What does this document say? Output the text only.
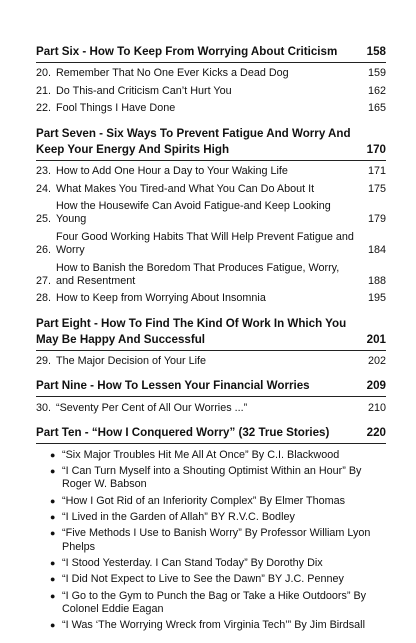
Part Six - How To Keep From Worrying About Criticism	158
20. Remember That No One Ever Kicks a Dead Dog	159
21. Do This-and Criticism Can’t Hurt You	162
22. Fool Things I Have Done	165
Part Seven - Six Ways To Prevent Fatigue And Worry And Keep Your Energy And Spirits High	170
23. How to Add One Hour a Day to Your Waking Life	171
24. What Makes You Tired-and What You Can Do About It	175
25.
How the Housewife Can Avoid Fatigue-and Keep Looking Young	179
26.
Four Good Working Habits That Will Help Prevent Fatigue and Worry	184
27.
How to Banish the Boredom That Produces Fatigue, Worry, and Resentment	188
28. How to Keep from Worrying About Insomnia	195
Part Eight - How To Find The Kind Of Work In Which You May Be Happy And Successful	201
29. The Major Decision of Your Life	202
Part Nine - How To Lessen Your Financial Worries	209
30. “Seventy Per Cent of All Our Worries ...”	210
Part Ten - “How I Conquered Worry” (32 True Stories)	220
● “Six Major Troubles Hit Me All At Once” By C.I. Blackwood
● “I Can Turn Myself into a Shouting Optimist Within an Hour” By Roger W. Babson
● “How I Got Rid of an Inferiority Complex” By Elmer Thomas
● “I Lived in the Garden of Allah” BY R.V.C. Bodley
● “Five Methods I Use to Banish Worry” By Professor William Lyon Phelps
● “I Stood Yesterday. I Can Stand Today” By Dorothy Dix
● “I Did Not Expect to Live to See the Dawn” BY J.C. Penney
● “I Go to the Gym to Punch the Bag or Take a Hike Outdoors” By Colonel Eddie Eagan
● “I Was ‘The Worrying Wreck from Virginia Tech’” By Jim Birdsall
